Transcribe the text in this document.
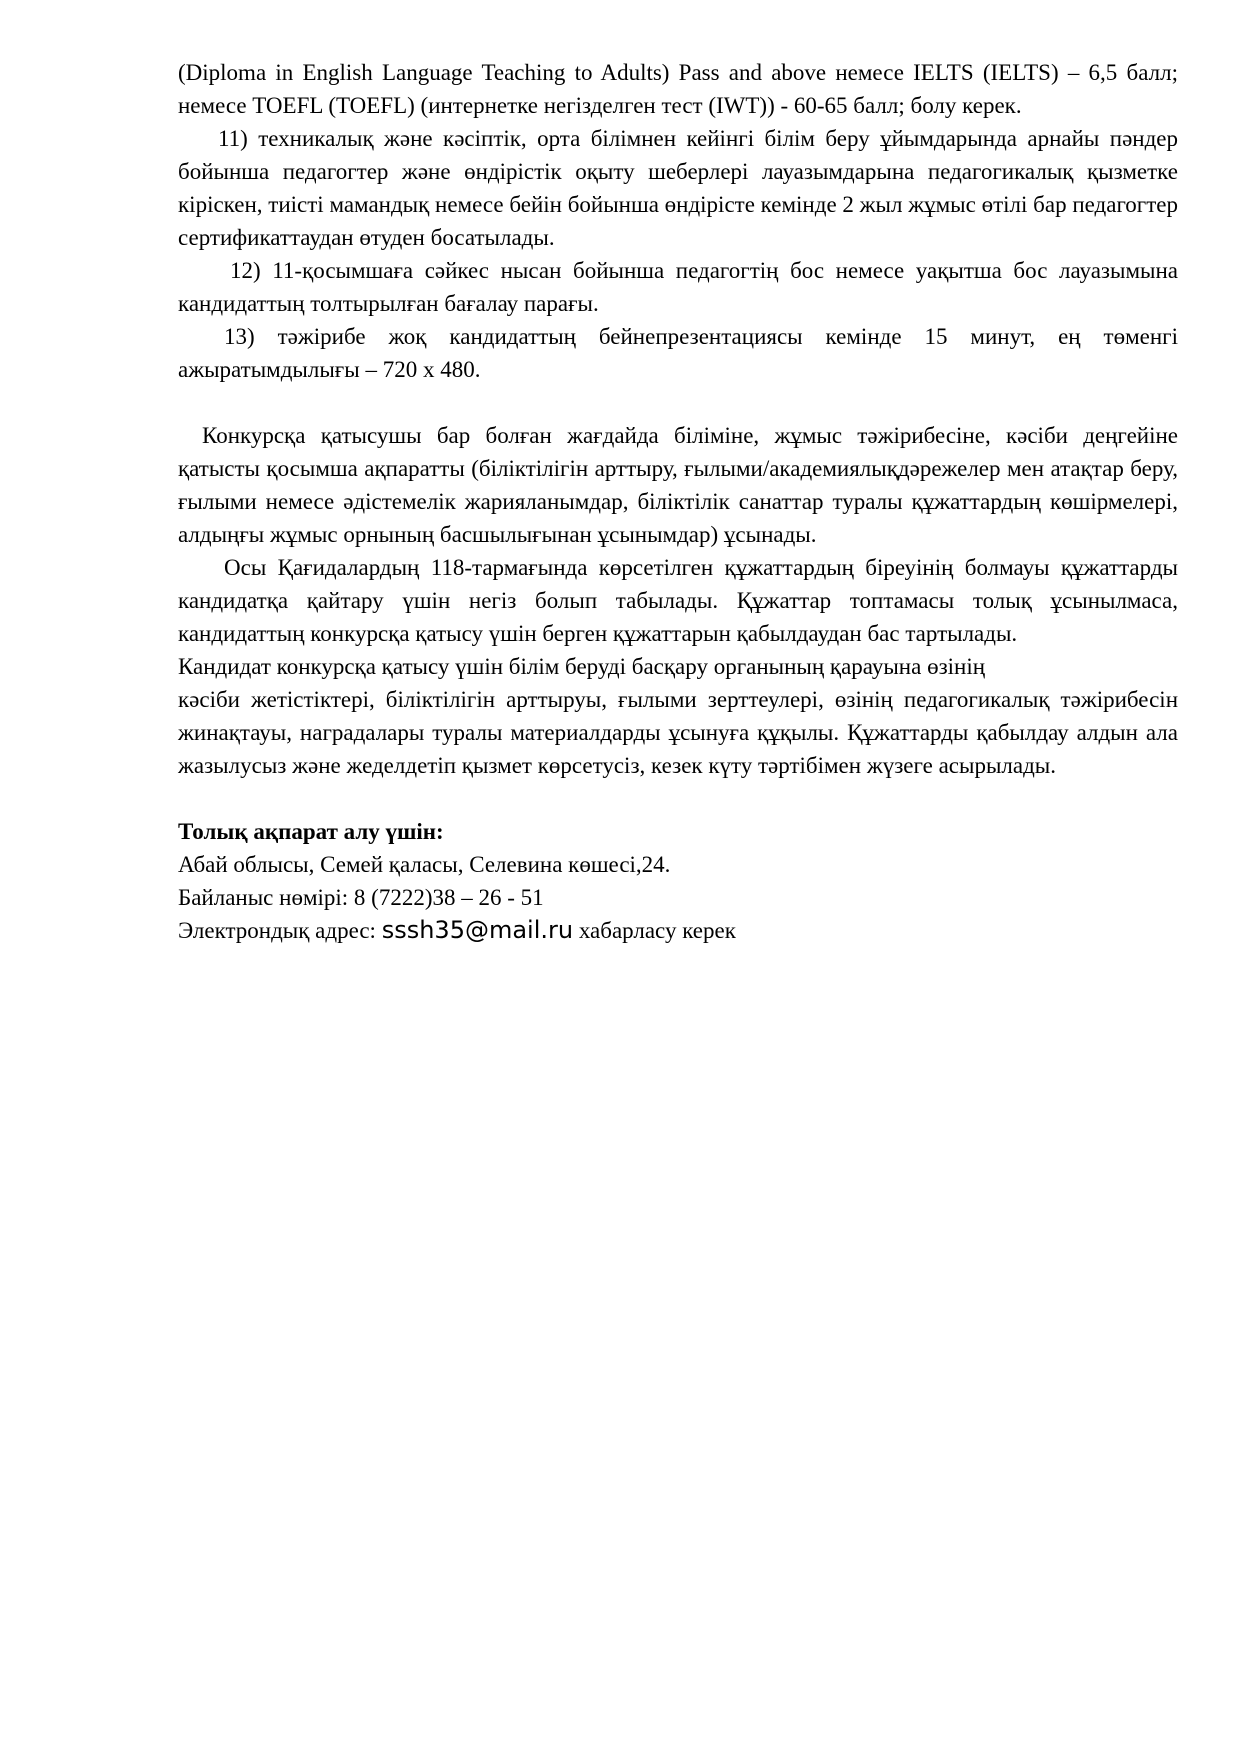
(Diploma in English Language Teaching to Adults) Pass and above немесе IELTS (IELTS) – 6,5 балл; немесе TOEFL (TOEFL) (интернетке негізделген тест (IWT)) - 60-65 балл; болу керек.

11) техникалық және кәсіптік, орта білімнен кейінгі білім беру ұйымдарында арнайы пәндер бойынша педагогтер және өндірістік оқыту шеберлері лауазымдарына педагогикалық қызметке кіріскен, тиісті мамандық немесе бейін бойынша өндірісте кемінде 2 жыл жұмыс өтілі бар педагогтер сертификаттаудан өтуден босатылады.

12) 11-қосымшаға сәйкес нысан бойынша педагогтің бос немесе уақытша бос лауазымына кандидаттың толтырылған бағалау парағы.

13) тәжірибе жоқ кандидаттың бейнепрезентациясы кемінде 15 минут, ең төменгі ажыратымдылығы – 720 х 480.

Конкурсқа қатысушы бар болған жағдайда біліміне, жұмыс тәжірибесіне, кәсіби деңгейіне қатысты қосымша ақпаратты (біліктілігін арттыру, ғылыми/академиялықдәрежелер мен атақтар беру, ғылыми немесе әдістемелік жарияланымдар, біліктілік санаттар туралы құжаттардың көшірмелері, алдыңғы жұмыс орнының басшылығынан ұсынымдар) ұсынады.

Осы Қағидалардың 118-тармағында көрсетілген құжаттардың біреуінің болмауы құжаттарды кандидатқа қайтару үшін негіз болып табылады. Құжаттар топтамасы толық ұсынылмаса, кандидаттың конкурсқа қатысу үшін берген құжаттарын қабылдаудан бас тартылады.

Кандидат конкурсқа қатысу үшін білім беруді басқару органының қарауына өзінің

кәсіби жетістіктері, біліктілігін арттыруы, ғылыми зерттеулері, өзінің педагогикалық тәжірибесін жинақтауы, наградалары туралы материалдарды ұсынуға құқылы. Құжаттарды қабылдау алдын ала жазылусыз және жеделдетіп қызмет көрсетусіз, кезек күту тәртібімен жүзеге асырылады.

Толық ақпарат алу үшін:

Абай облысы, Семей қаласы, Селевина көшесі,24.

Байланыс нөмірі: 8 (7222)38 – 26 - 51

Электрондық адрес: sssh35@mail.ru хабарласу керек
